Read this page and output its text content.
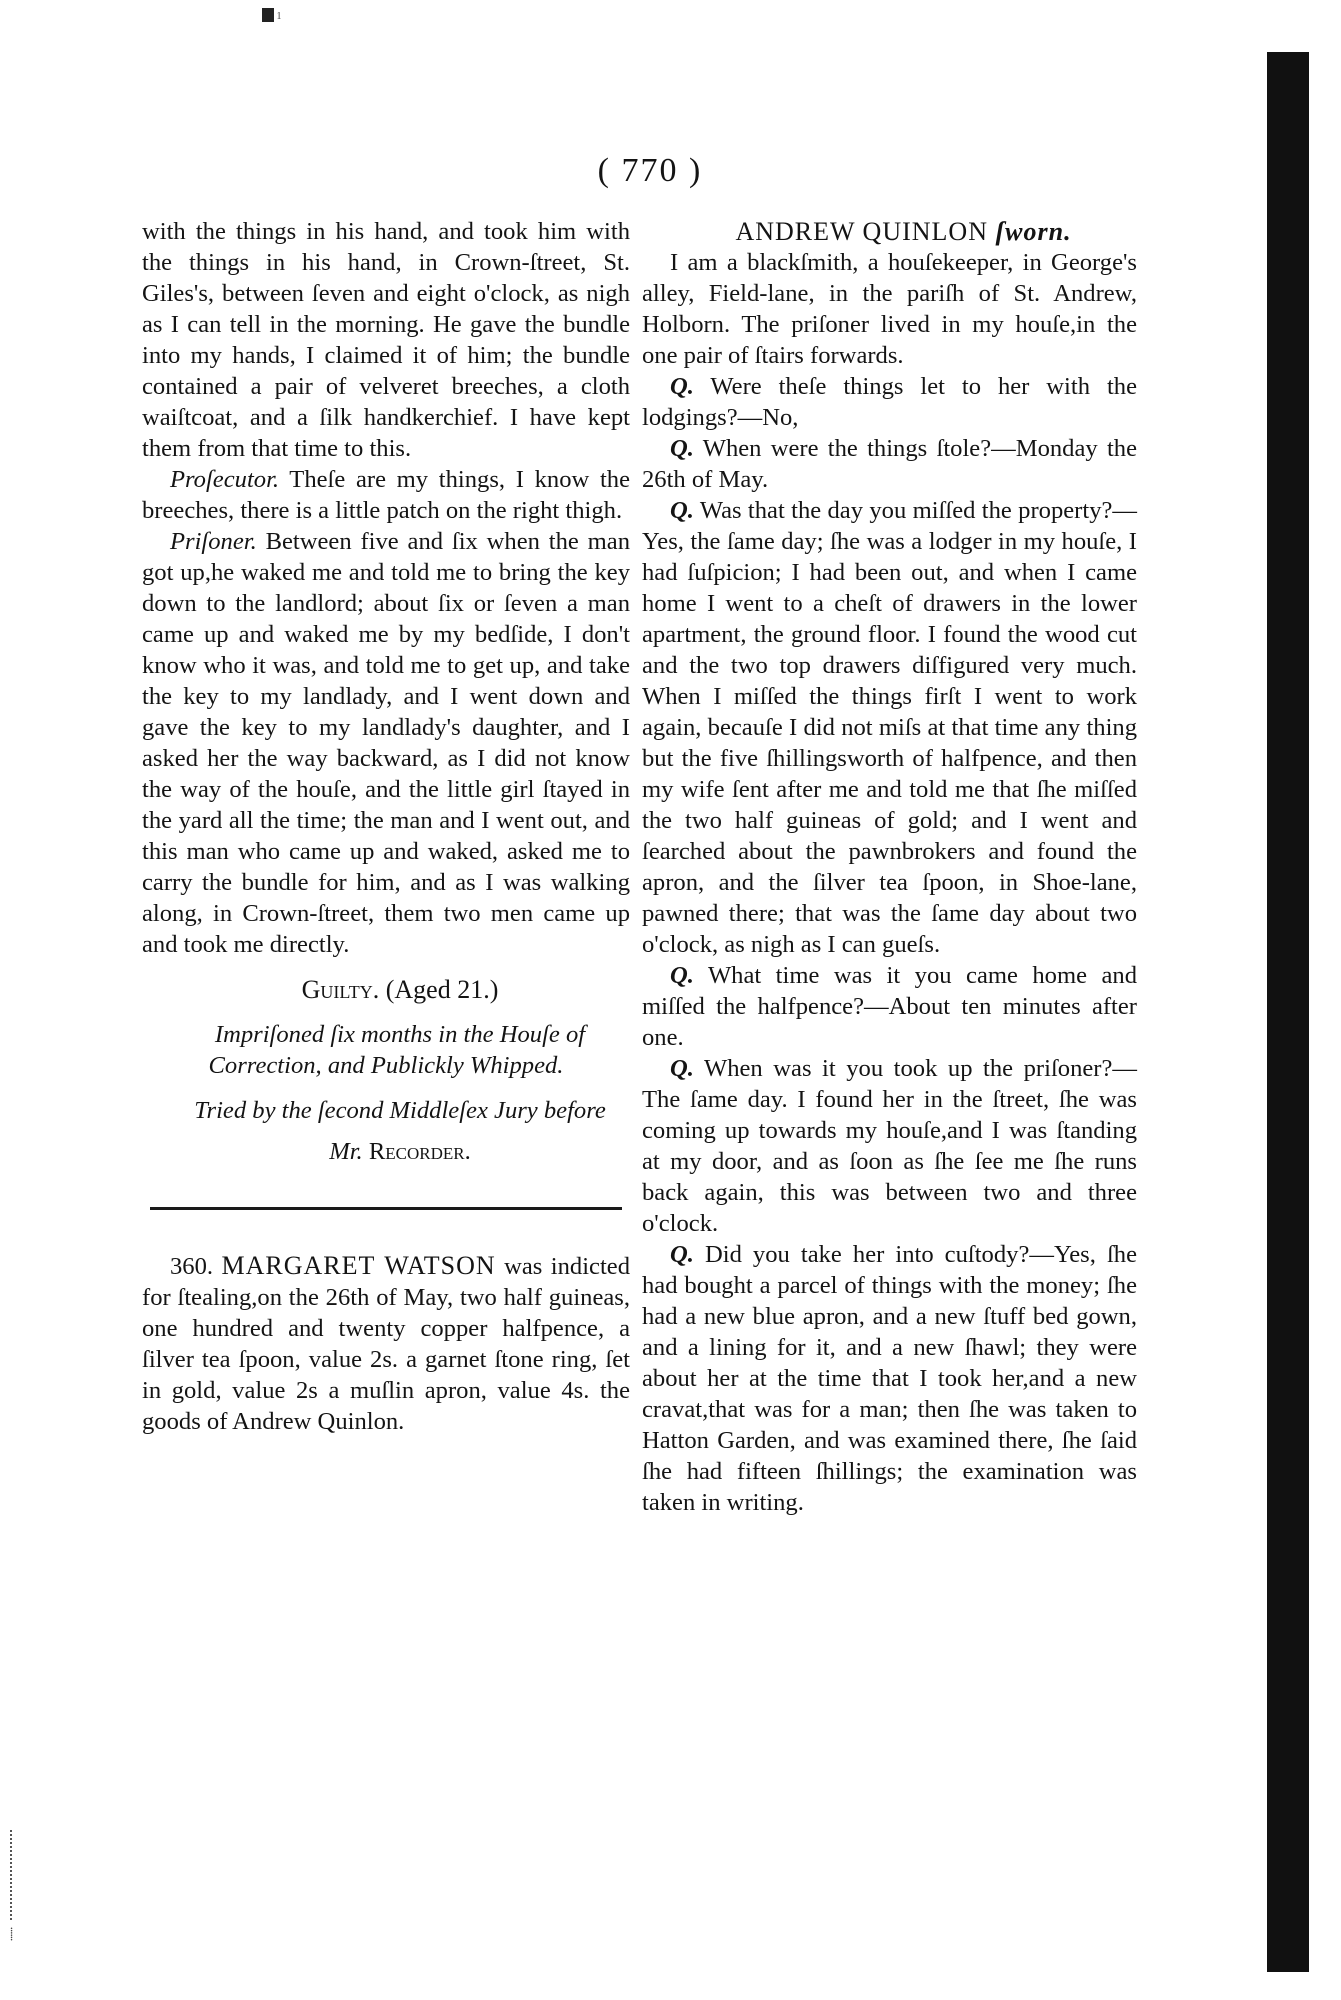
1
( 770 )

with the things in his hand, and took him with the things in his hand, in Crown-ſtreet, St. Giles's, between ſeven and eight o'clock, as nigh as I can tell in the morning. He gave the bundle into my hands, I claimed it of him; the bundle contained a pair of velveret breeches, a cloth waiſtcoat, and a ſilk handkerchief. I have kept them from that time to this.

Proſecutor. Theſe are my things, I know the breeches, there is a little patch on the right thigh.

Priſoner. Between five and ſix when the man got up,he waked me and told me to bring the key down to the landlord; about ſix or ſeven a man came up and waked me by my bedſide, I don't know who it was, and told me to get up, and take the key to my landlady, and I went down and gave the key to my landlady's daughter, and I asked her the way backward, as I did not know the way of the houſe, and the little girl ſtayed in the yard all the time; the man and I went out, and this man who came up and waked, asked me to carry the bundle for him, and as I was walking along, in Crown-ſtreet, them two men came up and took me directly.

Guilty. (Aged 21.)

Impriſoned ſix months in the Houſe of Correction, and Publickly Whipped.

Tried by the ſecond Middleſex Jury before

Mr. Recorder.

360. MARGARET WATSON was indicted for ſtealing,on the 26th of May, two half guineas, one hundred and twenty copper halfpence, a ſilver tea ſpoon, value 2s. a garnet ſtone ring, ſet in gold, value 2s a muſlin apron, value 4s. the goods of Andrew Quinlon.

ANDREW QUINLON ſworn.

I am a blackſmith, a houſekeeper, in George's alley, Field-lane, in the pariſh of St. Andrew, Holborn. The priſoner lived in my houſe,in the one pair of ſtairs forwards.

Q. Were theſe things let to her with the lodgings?—No,

Q. When were the things ſtole?—Monday the 26th of May.

Q. Was that the day you miſſed the property?—Yes, the ſame day; ſhe was a lodger in my houſe, I had ſuſpicion; I had been out, and when I came home I went to a cheſt of drawers in the lower apartment, the ground floor. I found the wood cut and the two top drawers diſfigured very much. When I miſſed the things firſt I went to work again, becauſe I did not miſs at that time any thing but the five ſhillingsworth of halfpence, and then my wife ſent after me and told me that ſhe miſſed the two half guineas of gold; and I went and ſearched about the pawnbrokers and found the apron, and the ſilver tea ſpoon, in Shoe-lane, pawned there; that was the ſame day about two o'clock, as nigh as I can gueſs.

Q. What time was it you came home and miſſed the halfpence?—About ten minutes after one.

Q. When was it you took up the priſoner?—The ſame day. I found her in the ſtreet, ſhe was coming up towards my houſe,and I was ſtanding at my door, and as ſoon as ſhe ſee me ſhe runs back again, this was between two and three o'clock.

Q. Did you take her into cuſtody?—Yes, ſhe had bought a parcel of things with the money; ſhe had a new blue apron, and a new ſtuff bed gown, and a lining for it, and a new ſhawl; they were about her at the time that I took her,and a new cravat,that was for a man; then ſhe was taken to Hatton Garden, and was examined there, ſhe ſaid ſhe had fifteen ſhillings; the examination was taken in writing.

⸽
